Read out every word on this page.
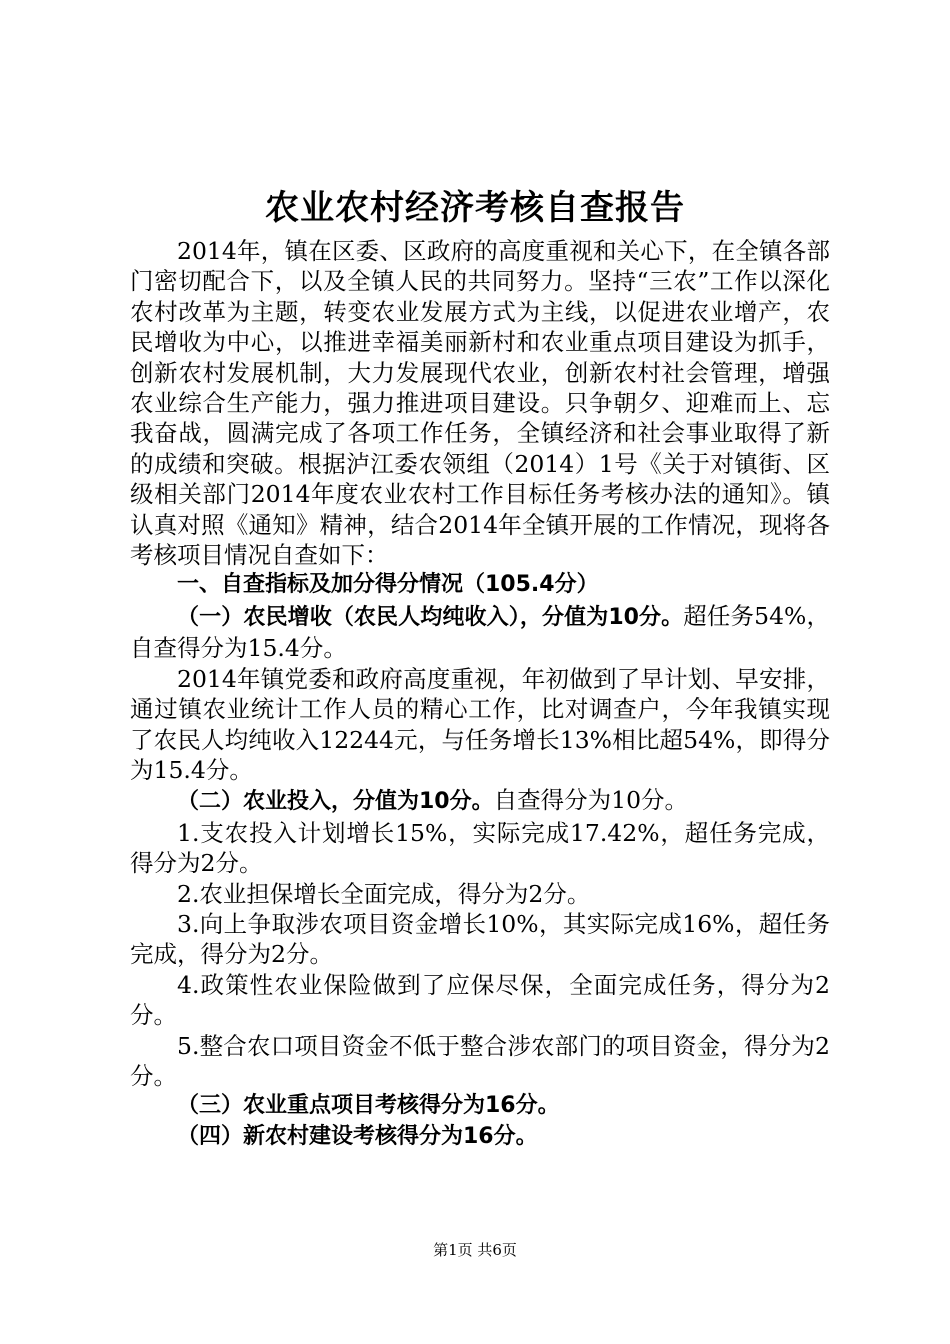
农业农村经济考核自查报告

2014年，镇在区委、区政府的高度重视和关心下，在全镇各部门密切配合下，以及全镇人民的共同努力。坚持“三农”工作以深化农村改革为主题，转变农业发展方式为主线，以促进农业增产，农民增收为中心，以推进幸福美丽新村和农业重点项目建设为抓手，创新农村发展机制，大力发展现代农业，创新农村社会管理，增强农业综合生产能力，强力推进项目建设。只争朝夕、迎难而上、忘我奋战，圆满完成了各项工作任务，全镇经济和社会事业取得了新的成绩和突破。根据泸江委农领组（2014）1号《关于对镇街、区级相关部门2014年度农业农村工作目标任务考核办法的通知》。镇认真对照《通知》精神，结合2014年全镇开展的工作情况，现将各考核项目情况自查如下：

一、自查指标及加分得分情况（105.4分）

（一）农民增收（农民人均纯收入），分值为10分。超任务54%，自查得分为15.4分。

2014年镇党委和政府高度重视，年初做到了早计划、早安排，通过镇农业统计工作人员的精心工作，比对调查户，今年我镇实现了农民人均纯收入12244元，与任务增长13%相比超54%，即得分为15.4分。

（二）农业投入，分值为10分。自查得分为10分。

1.支农投入计划增长15%，实际完成17.42%，超任务完成，得分为2分。

2.农业担保增长全面完成，得分为2分。

3.向上争取涉农项目资金增长10%，其实际完成16%，超任务完成，得分为2分。

4.政策性农业保险做到了应保尽保，全面完成任务，得分为2分。

5.整合农口项目资金不低于整合涉农部门的项目资金，得分为2分。

（三）农业重点项目考核得分为16分。

（四）新农村建设考核得分为16分。

第1页 共6页
